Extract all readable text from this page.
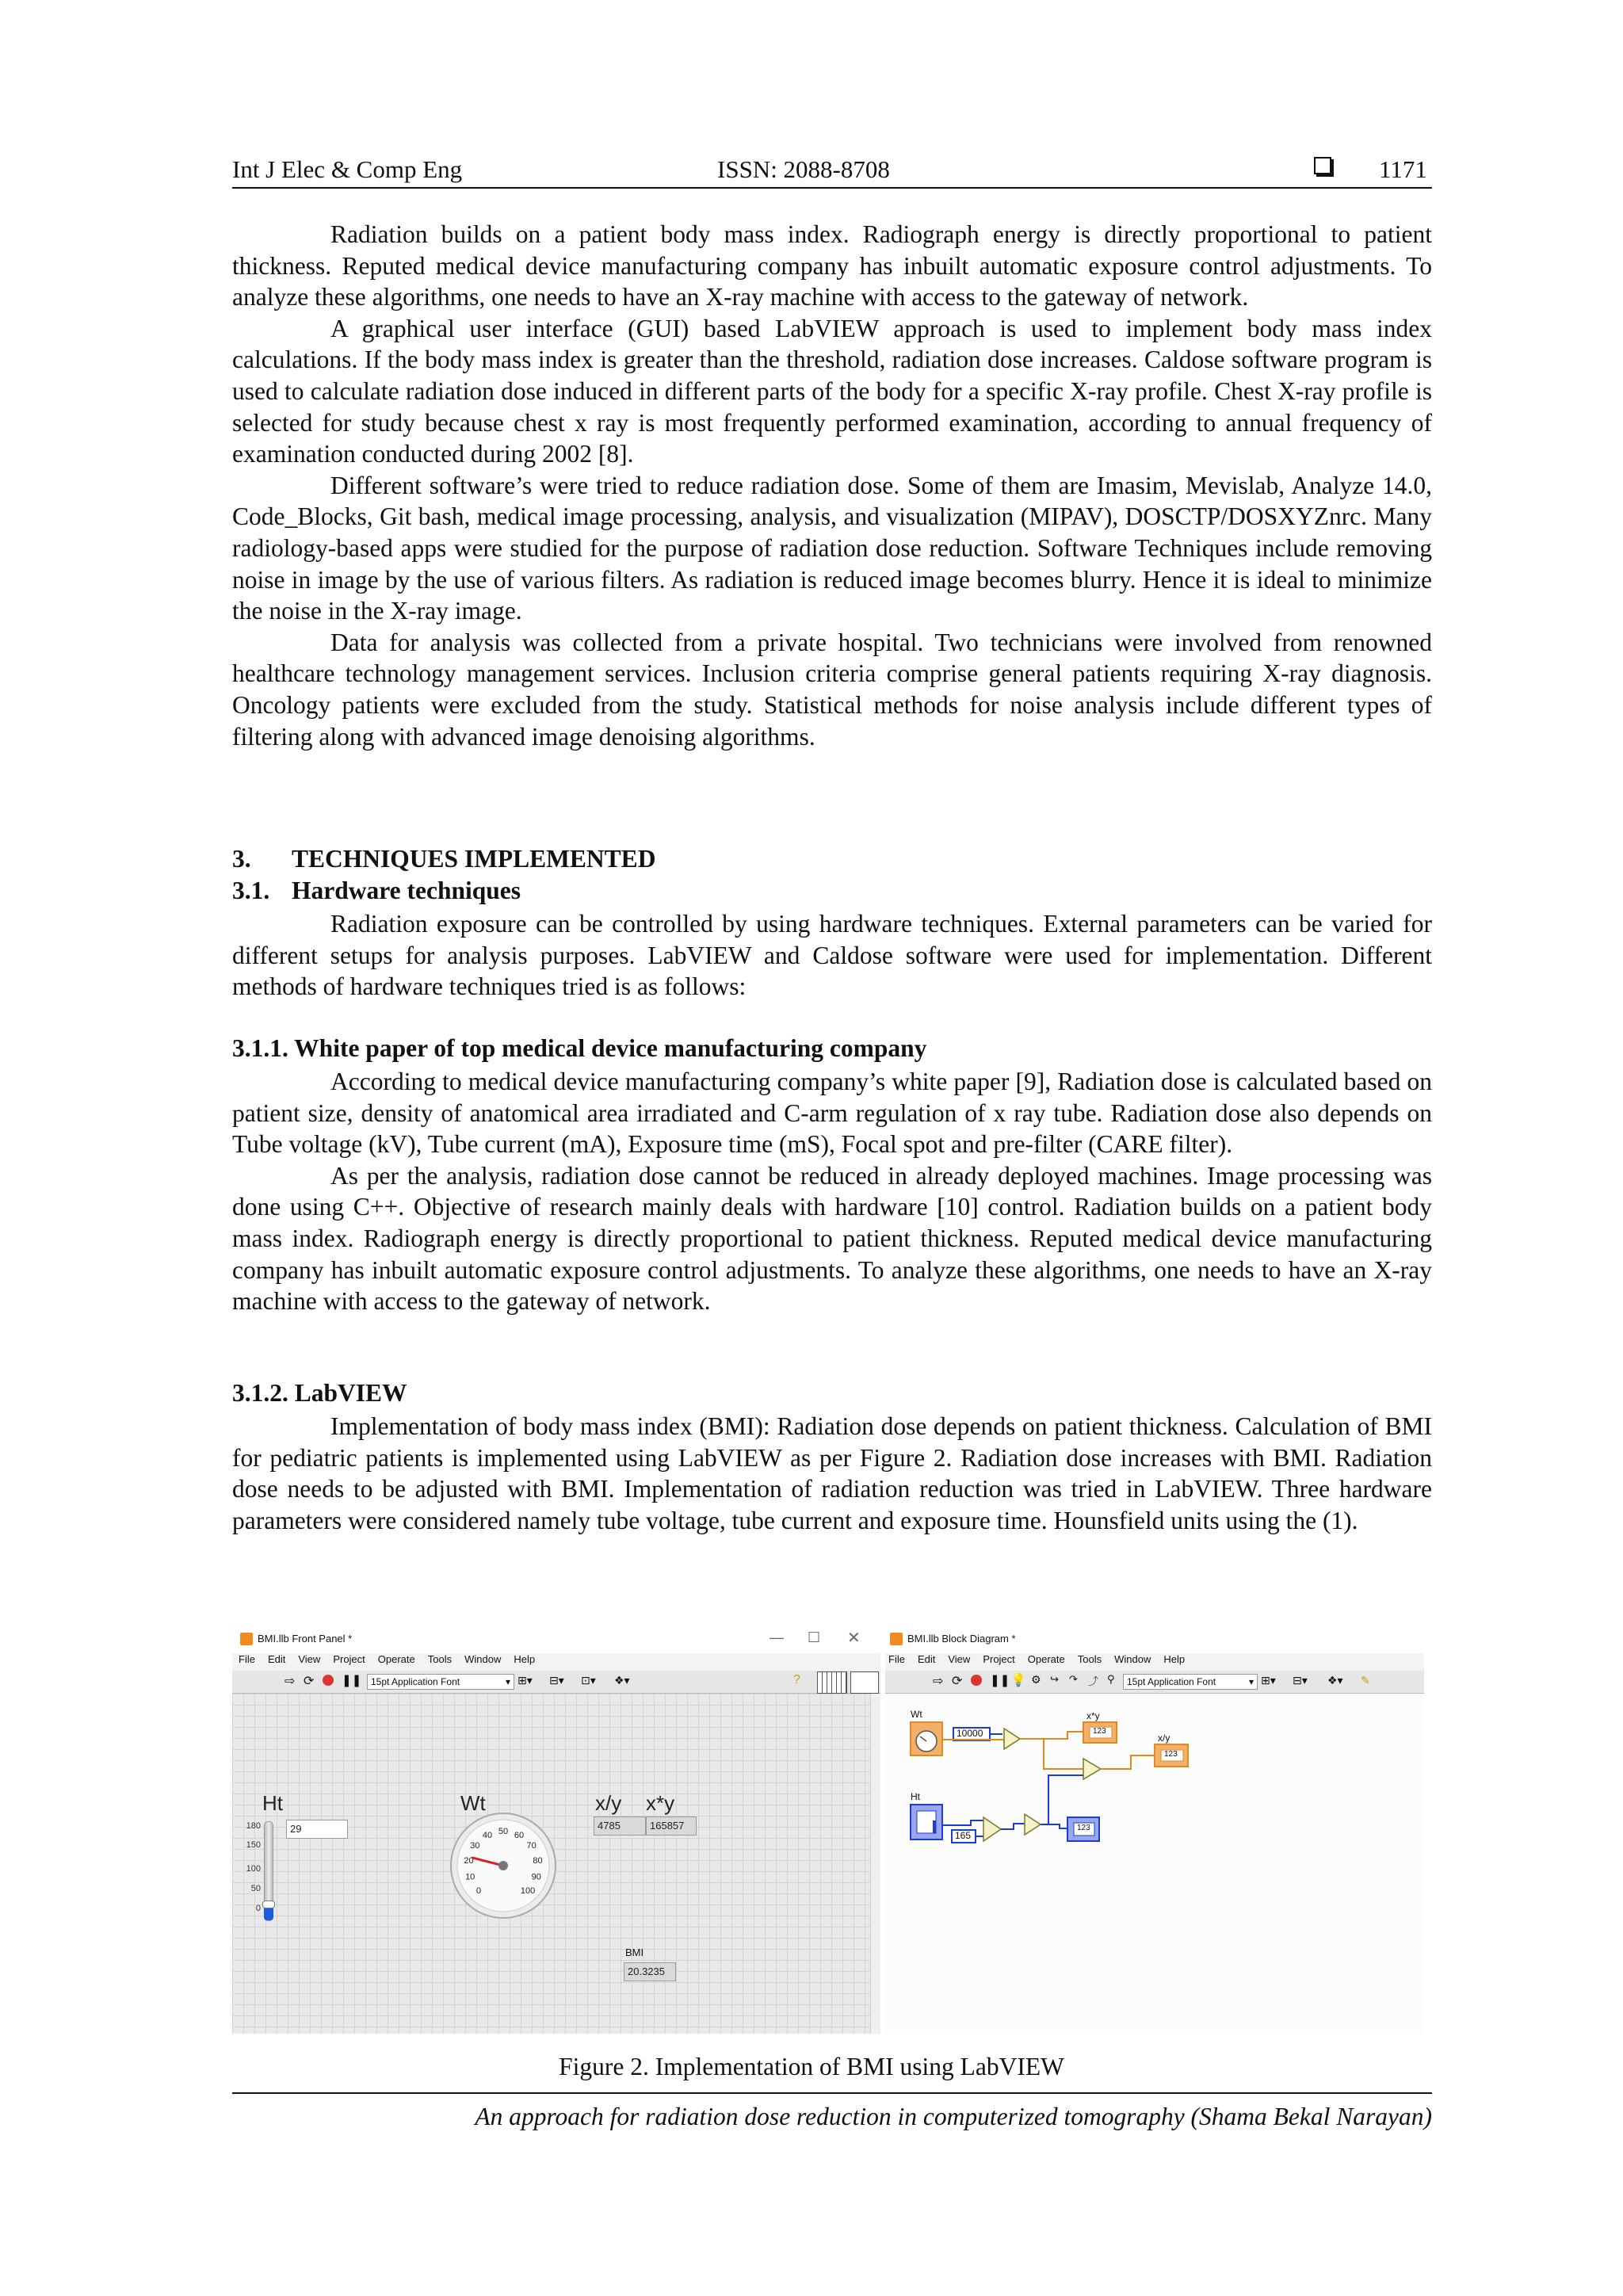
Int J Elec & Comp Eng	ISSN: 2088-8708	1171

Radiation builds on a patient body mass index. Radiograph energy is directly proportional to patient thickness. Reputed medical device manufacturing company has inbuilt automatic exposure control adjustments. To analyze these algorithms, one needs to have an X-ray machine with access to the gateway of network.

A graphical user interface (GUI) based LabVIEW approach is used to implement body mass index calculations. If the body mass index is greater than the threshold, radiation dose increases. Caldose software program is used to calculate radiation dose induced in different parts of the body for a specific X-ray profile. Chest X-ray profile is selected for study because chest x ray is most frequently performed examination, according to annual frequency of examination conducted during 2002 [8].

Different software’s were tried to reduce radiation dose. Some of them are Imasim, Mevislab, Analyze 14.0, Code_Blocks, Git bash, medical image processing, analysis, and visualization (MIPAV), DOSCTP/DOSXYZnrc. Many radiology-based apps were studied for the purpose of radiation dose reduction. Software Techniques include removing noise in image by the use of various filters. As radiation is reduced image becomes blurry. Hence it is ideal to minimize the noise in the X-ray image.

Data for analysis was collected from a private hospital. Two technicians were involved from renowned healthcare technology management services. Inclusion criteria comprise general patients requiring X-ray diagnosis. Oncology patients were excluded from the study. Statistical methods for noise analysis include different types of filtering along with advanced image denoising algorithms.

3. TECHNIQUES IMPLEMENTED
3.1. Hardware techniques

Radiation exposure can be controlled by using hardware techniques. External parameters can be varied for different setups for analysis purposes. LabVIEW and Caldose software were used for implementation. Different methods of hardware techniques tried is as follows:

3.1.1. White paper of top medical device manufacturing company

According to medical device manufacturing company’s white paper [9], Radiation dose is calculated based on patient size, density of anatomical area irradiated and C-arm regulation of x ray tube. Radiation dose also depends on Tube voltage (kV), Tube current (mA), Exposure time (mS), Focal spot and pre-filter (CARE filter).

As per the analysis, radiation dose cannot be reduced in already deployed machines. Image processing was done using C++. Objective of research mainly deals with hardware [10] control. Radiation builds on a patient body mass index. Radiograph energy is directly proportional to patient thickness. Reputed medical device manufacturing company has inbuilt automatic exposure control adjustments. To analyze these algorithms, one needs to have an X-ray machine with access to the gateway of network.

3.1.2. LabVIEW

Implementation of body mass index (BMI): Radiation dose depends on patient thickness. Calculation of BMI for pediatric patients is implemented using LabVIEW as per Figure 2. Radiation dose increases with BMI. Radiation dose needs to be adjusted with BMI. Implementation of radiation reduction was tried in LabVIEW. Three hardware parameters were considered namely tube voltage, tube current and exposure time. Hounsfield units using the (1).

BMI.llb Front Panel *	— ☐ ✕
File Edit View Project Operate Tools Window Help
⇨ ⟳ ❚❚ 15pt Application Font	▾ ⊞▾ ⊟▾ ⊡▾ ❖▾	?
Ht
180
150
100
50
0
29
Wt
0
10
20
30
40 50 60
70
80
90
100
x/y x*y
4785	165857
BMI
20.3235
BMI.llb Block Diagram *
File Edit View Project Operate Tools Window Help
⇨ ⟳ ❚❚ 💡 ⚙ ↪ ↷ ⤴ ⚲	15pt Application Font	▾ ⊞▾ ⊟▾ ❖▾ ✎
Wt
Ht
10000
165
x*y
x/y
123
123
123
Figure 2. Implementation of BMI using LabVIEW
An approach for radiation dose reduction in computerized tomography (Shama Bekal Narayan)
